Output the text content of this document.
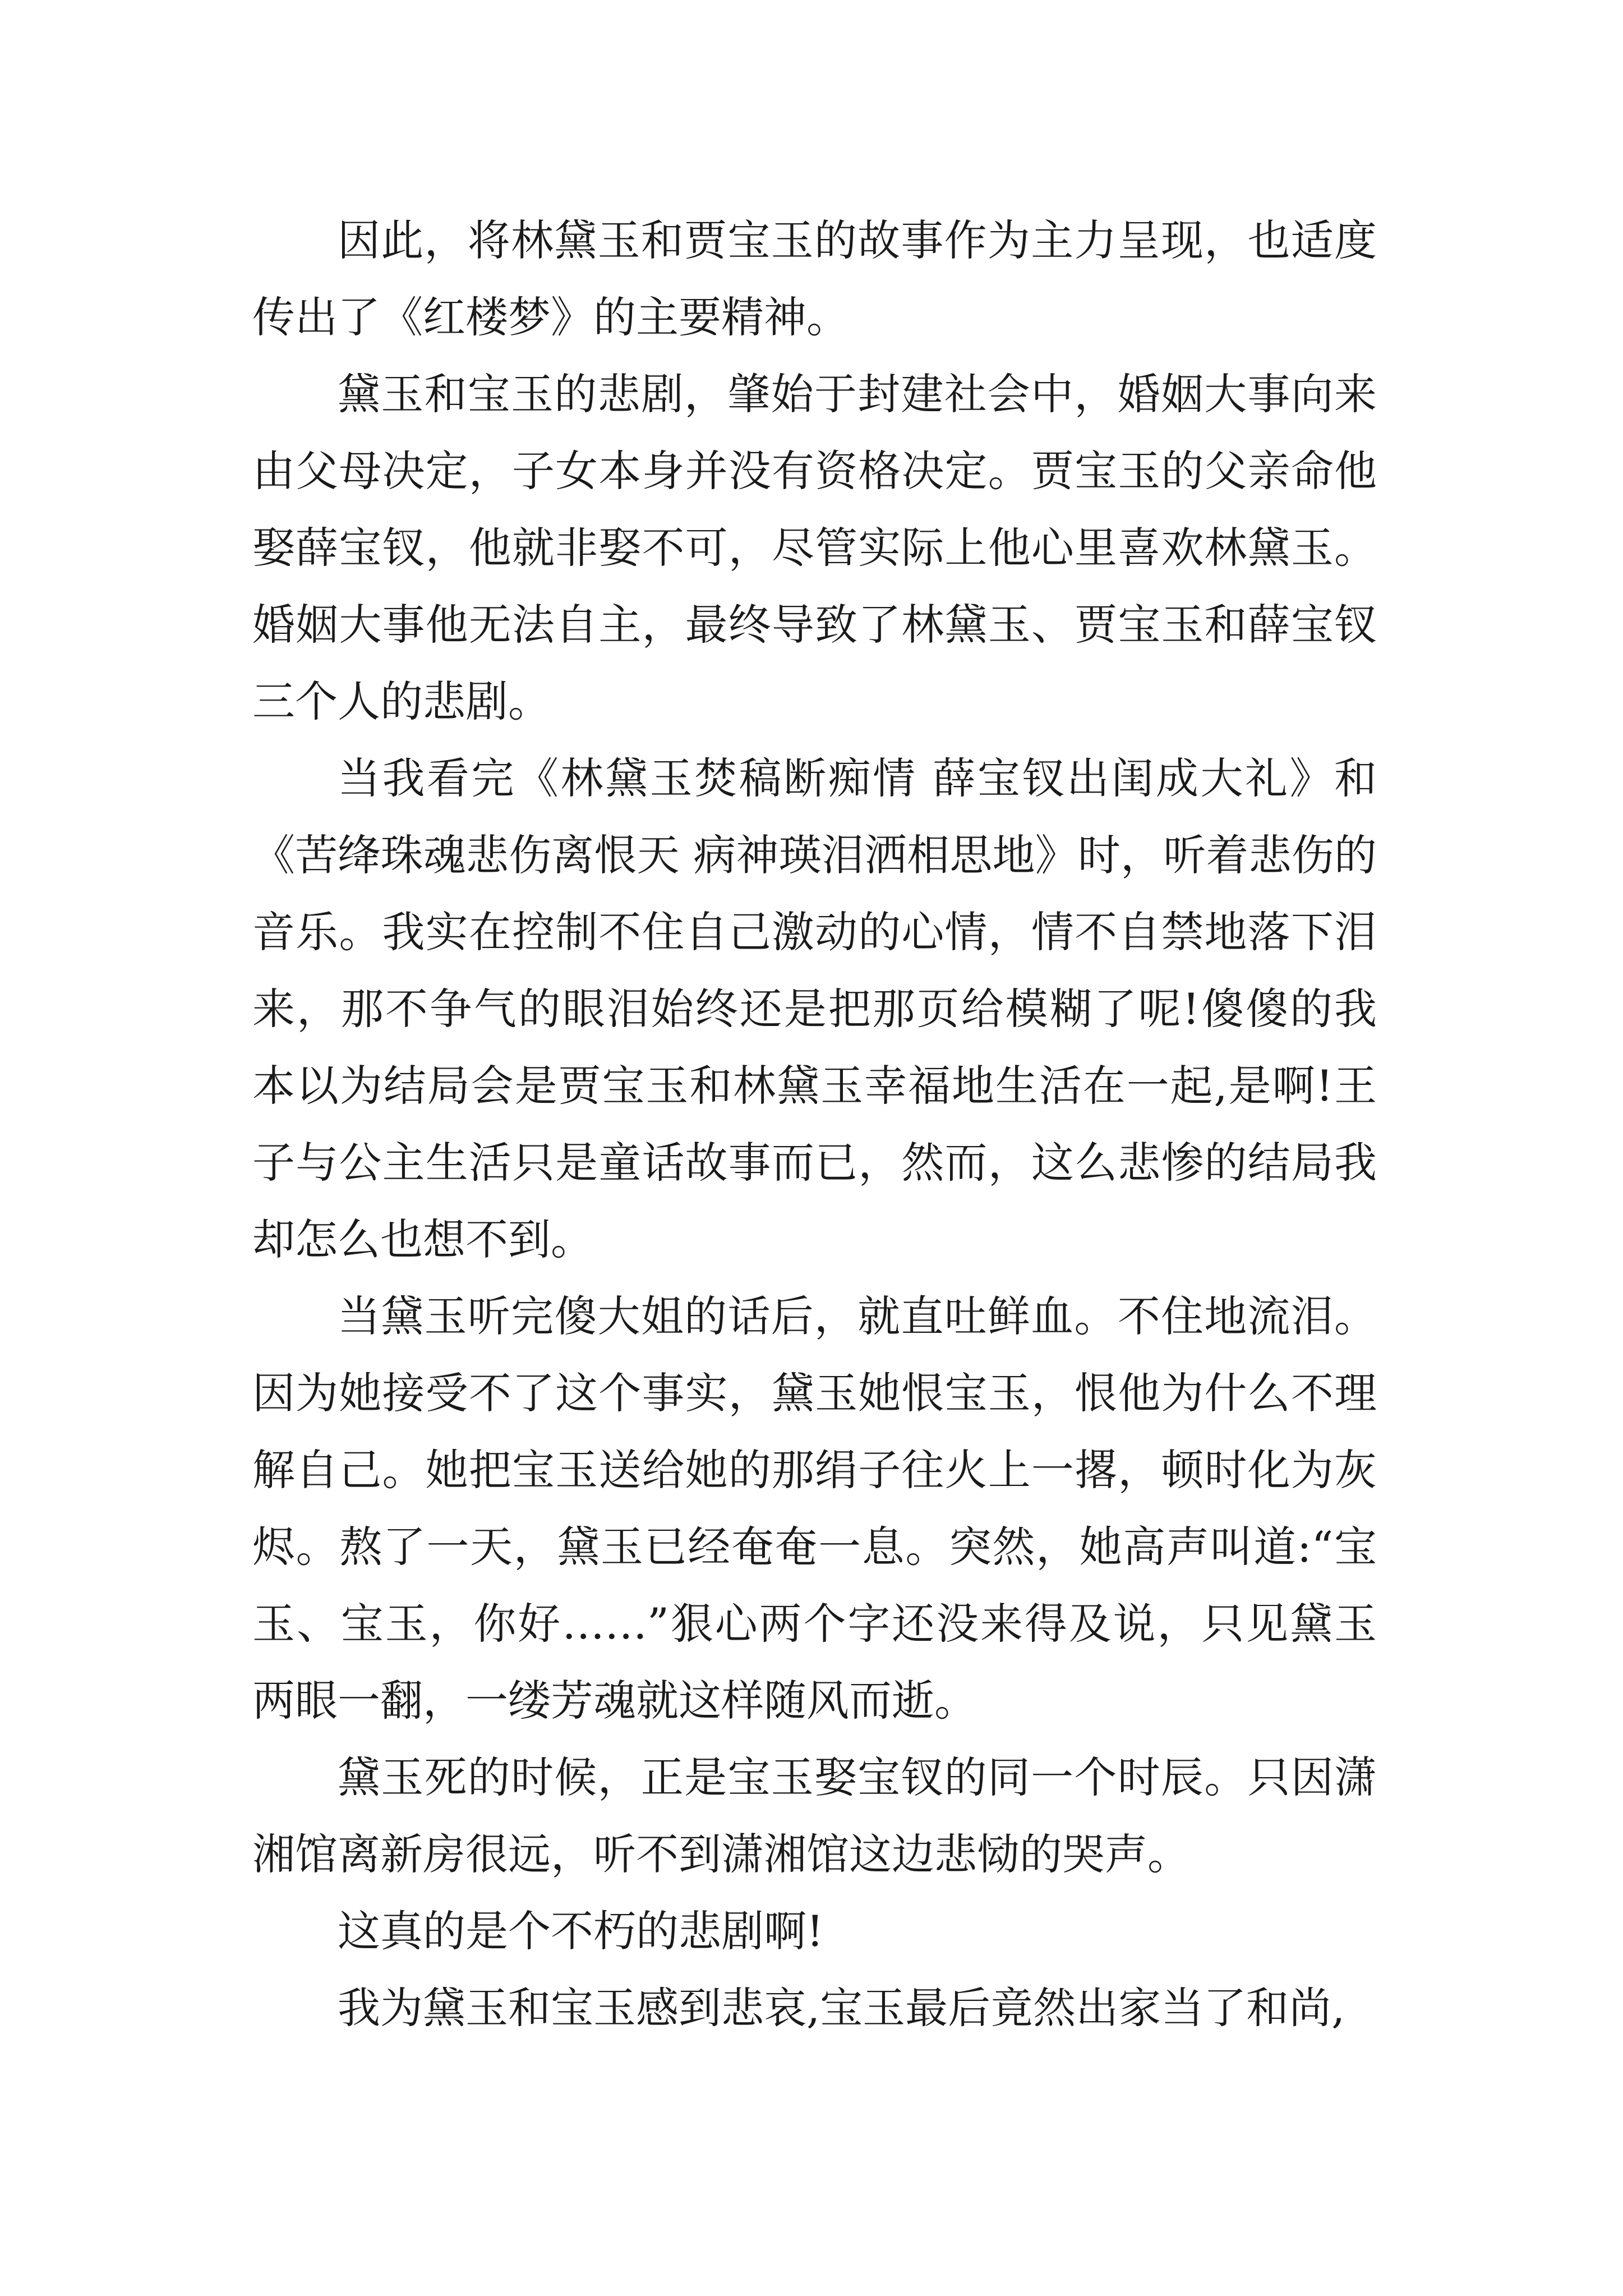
因此，将林黛玉和贾宝玉的故事作为主力呈现，也适度传出了《红楼梦》的主要精神。

黛玉和宝玉的悲剧，肇始于封建社会中，婚姻大事向来由父母决定，子女本身并没有资格决定。贾宝玉的父亲命他娶薛宝钗，他就非娶不可，尽管实际上他心里喜欢林黛玉。婚姻大事他无法自主，最终导致了林黛玉、贾宝玉和薛宝钗三个人的悲剧。

当我看完《林黛玉焚稿断痴情 薛宝钗出闺成大礼》和《苦绛珠魂悲伤离恨天 病神瑛泪洒相思地》时，听着悲伤的音乐。我实在控制不住自己激动的心情，情不自禁地落下泪来，那不争气的眼泪始终还是把那页给模糊了呢!傻傻的我本以为结局会是贾宝玉和林黛玉幸福地生活在一起,是啊!王子与公主生活只是童话故事而已，然而，这么悲惨的结局我却怎么也想不到。

当黛玉听完傻大姐的话后，就直吐鲜血。不住地流泪。因为她接受不了这个事实，黛玉她恨宝玉，恨他为什么不理解自己。她把宝玉送给她的那绢子往火上一撂，顿时化为灰烬。熬了一天，黛玉已经奄奄一息。突然，她高声叫道:“宝玉、宝玉，你好……”狠心两个字还没来得及说，只见黛玉两眼一翻，一缕芳魂就这样随风而逝。

黛玉死的时候，正是宝玉娶宝钗的同一个时辰。只因潇湘馆离新房很远，听不到潇湘馆这边悲恸的哭声。

这真的是个不朽的悲剧啊!

我为黛玉和宝玉感到悲哀,宝玉最后竟然出家当了和尚,
